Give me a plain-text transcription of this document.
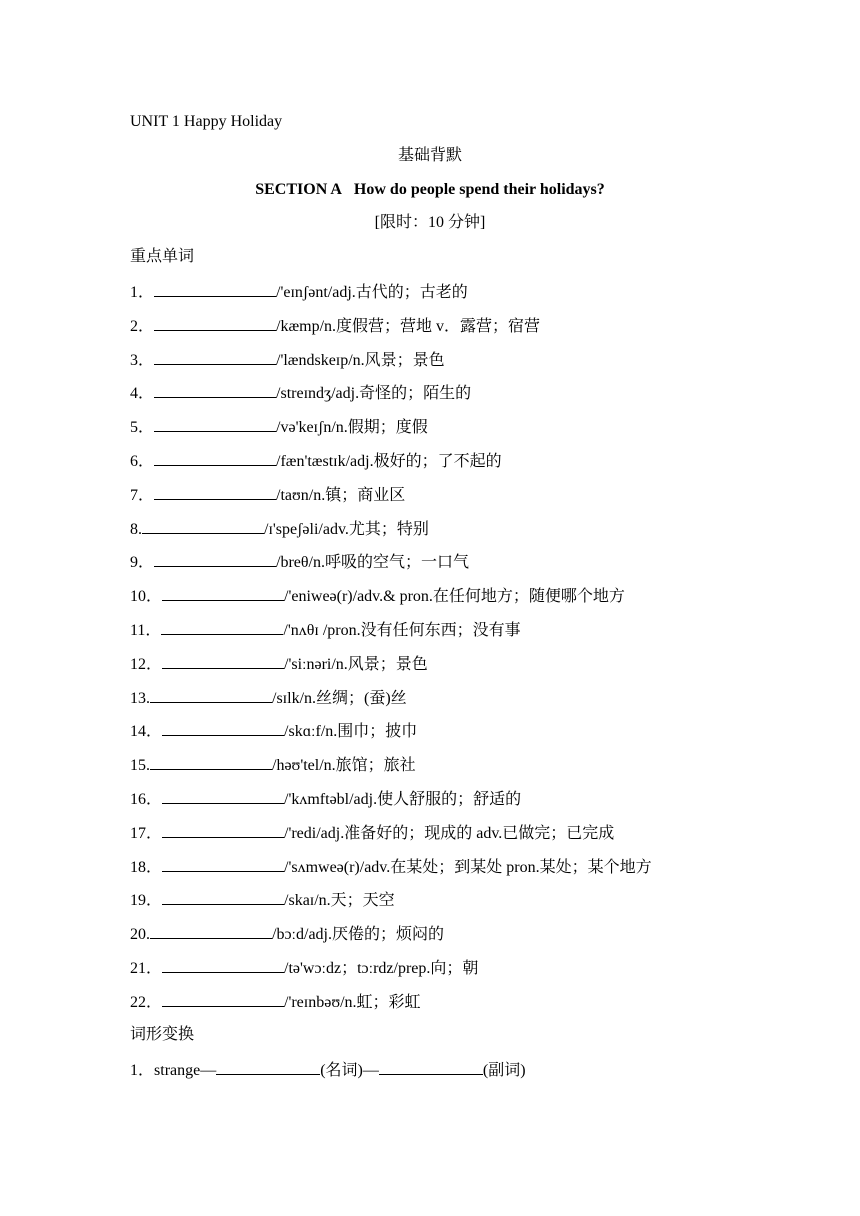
UNIT 1 Happy Holiday
基础背默
SECTION A   How do people spend their holidays?
[限时：10 分钟]
重点单词
1．	/'eɪnʃənt/adj.古代的；古老的
2．	/kæmp/n.度假营；营地 v．露营；宿营
3．	/'lændskeɪp/n.风景；景色
4．	/streɪndʒ/adj.奇怪的；陌生的
5．	/və'keɪʃn/n.假期；度假
6．	/fæn'tæstɪk/adj.极好的；了不起的
7．	/taʊn/n.镇；商业区
8.	/ɪ'speʃəli/adv.尤其；特别
9．	/breθ/n.呼吸的空气；一口气
10．	/'eniweə(r)/adv.& pron.在任何地方；随便哪个地方
11．	/'nʌθɪ /pron.没有任何东西；没有事
12．	/'siːnəri/n.风景；景色
13.	/sɪlk/n.丝绸；(蚕)丝
14．	/skɑːf/n.围巾；披巾
15.	/həʊ'tel/n.旅馆；旅社
16．	/'kʌmftəbl/adj.使人舒服的；舒适的
17．	/'redi/adj.准备好的；现成的 adv.已做完；已完成
18．	/'sʌmweə(r)/adv.在某处；到某处 pron.某处；某个地方
19．	/skaɪ/n.天；天空
20.	/bɔːd/adj.厌倦的；烦闷的
21．	/tə'wɔːdz；tɔːrdz/prep.向；朝
22．	/'reɪnbəʊ/n.虹；彩虹
词形变换
1．strange—	(名词)—	(副词)
